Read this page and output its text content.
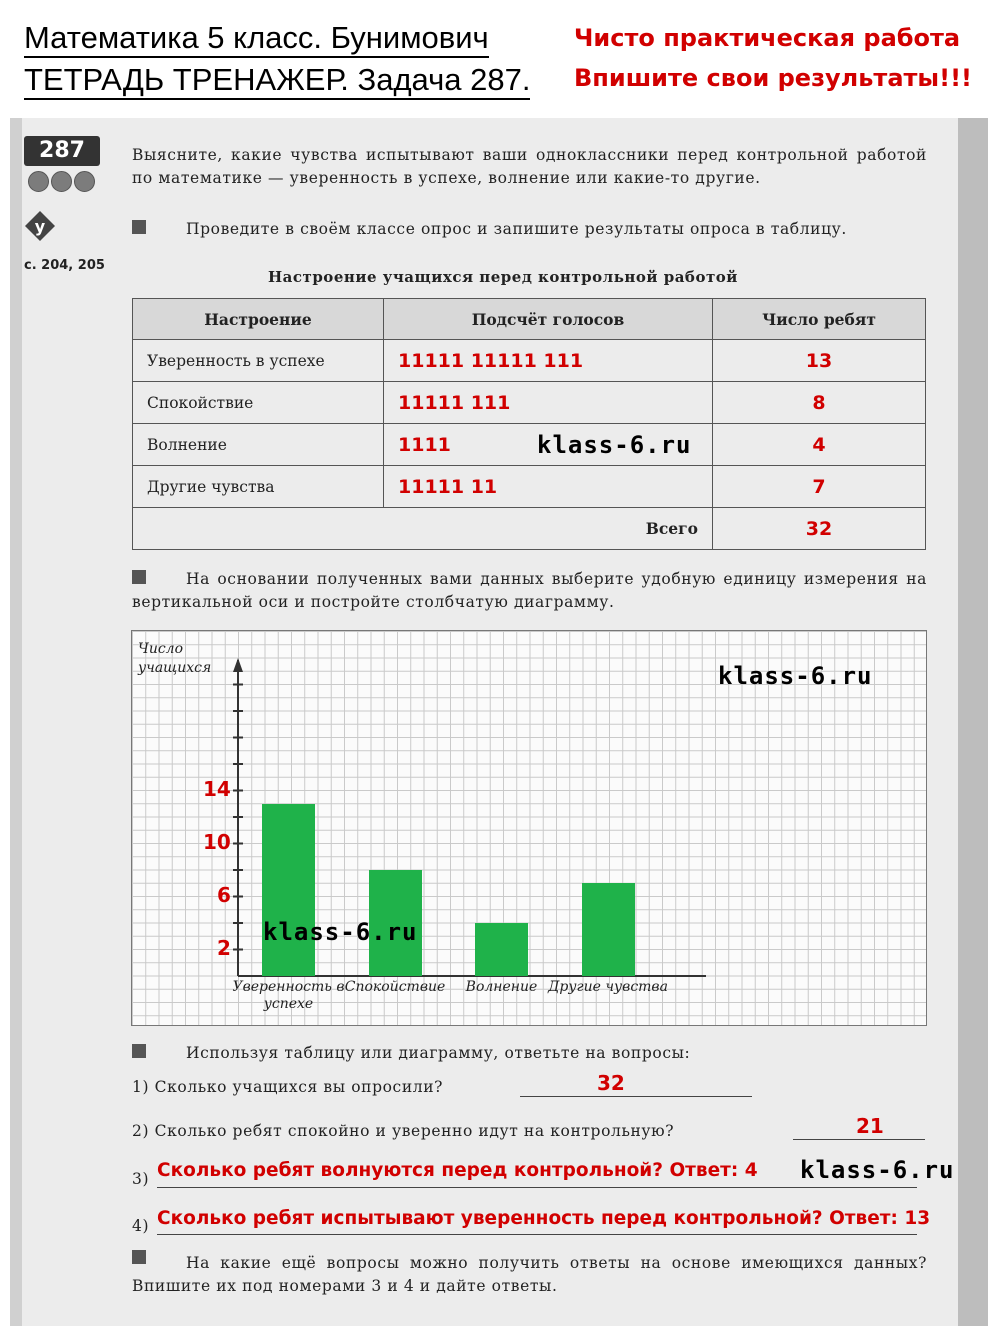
Математика 5 класс. Бунимович
ТЕТРАДЬ ТРЕНАЖЕР. Задача 287.
Чисто практическая работа
Впишите свои результаты!!!
287
y
с. 204, 205
Выясните, какие чувства испытывают ваши одноклассники перед контрольной работой по математике — уверенность в успехе, волнение или какие-то другие.
Проведите в своём классе опрос и запишите результаты опроса в таблицу.
Настроение учащихся перед контрольной работой
Настроение	Подсчёт голосов	Число ребят
Уверенность в успехе	11111 11111 111	13
Спокойствие	11111 111	8
Волнение	1111	4
Другие чувства	11111 11	7
Всего		32
klass-6.ru
На основании полученных вами данных выберите удобную единицу измерения на вертикальной оси и постройте столбчатую диаграмму.
Число учащихся
2
6
10
14
Уверенность в успехе
Спокойствие	Волнение Другие чувства
klass-6.ru
klass-6.ru
Используя таблицу или диаграмму, ответьте на вопросы:
1) Сколько учащихся вы опросили?	32
2) Сколько ребят спокойно и уверенно идут на контрольную?	21
3) Сколько ребят волнуются перед контрольной? Ответ: 4 klass-6.ru
4) Сколько ребят испытывают уверенность перед контрольной? Ответ: 13
На какие ещё вопросы можно получить ответы на основе имеющихся данных? Впишите их под номерами 3 и 4 и дайте ответы.
